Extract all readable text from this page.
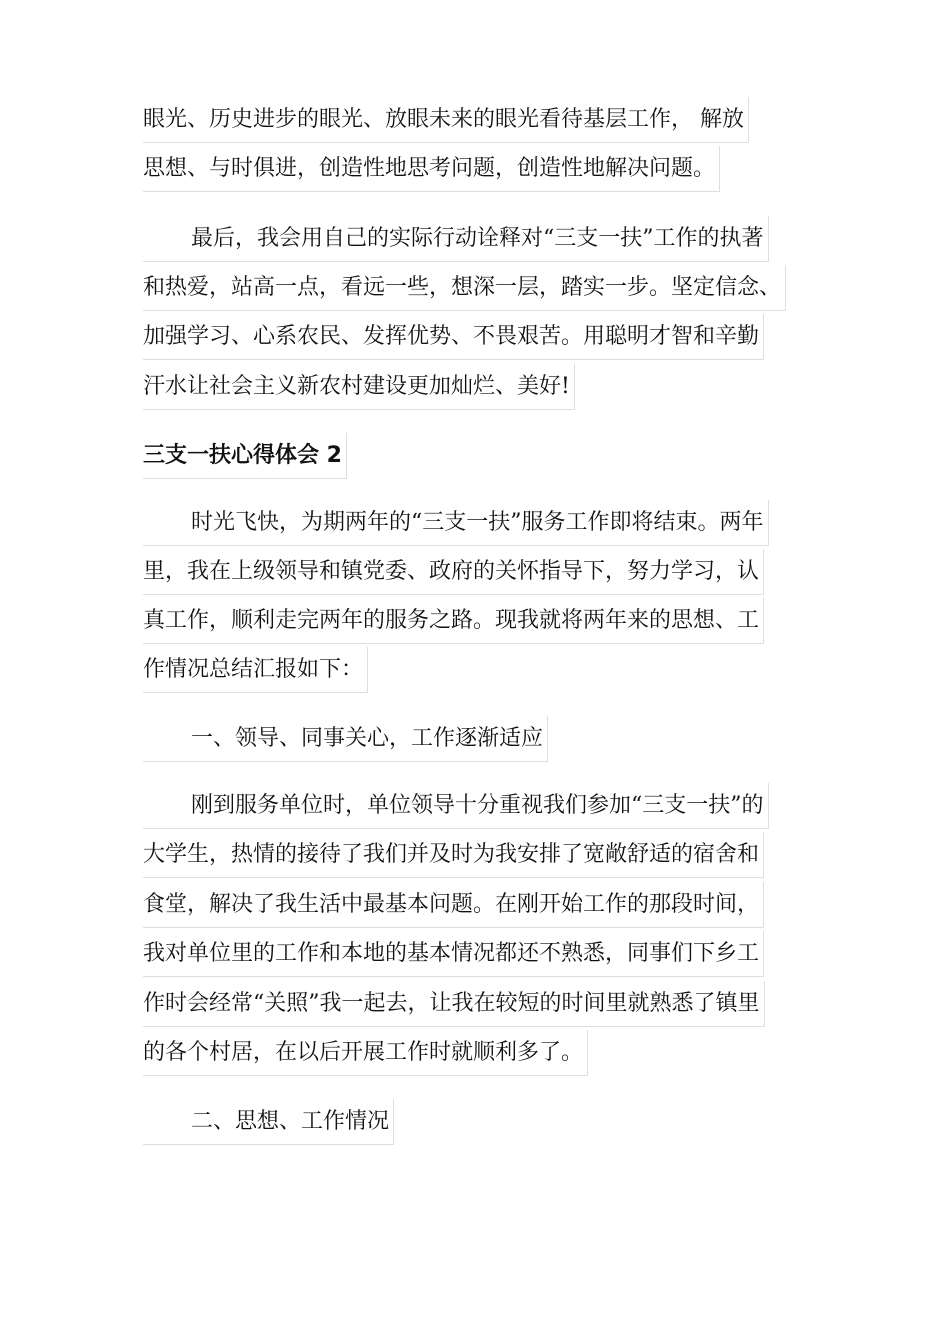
眼光、历史进步的眼光、放眼未来的眼光看待基层工作， 解放
思想、与时俱进，创造性地思考问题，创造性地解决问题。
最后，我会用自己的实际行动诠释对“三支一扶”工作的执著
和热爱，站高一点，看远一些，想深一层，踏实一步。坚定信念、
加强学习、心系农民、发挥优势、不畏艰苦。用聪明才智和辛勤
汗水让社会主义新农村建设更加灿烂、美好!
三支一扶心得体会 2
时光飞快，为期两年的“三支一扶”服务工作即将结束。两年
里，我在上级领导和镇党委、政府的关怀指导下，努力学习，认
真工作，顺利走完两年的服务之路。现我就将两年来的思想、工
作情况总结汇报如下：
一、领导、同事关心，工作逐渐适应
刚到服务单位时，单位领导十分重视我们参加“三支一扶”的
大学生，热情的接待了我们并及时为我安排了宽敞舒适的宿舍和
食堂，解决了我生活中最基本问题。在刚开始工作的那段时间，
我对单位里的工作和本地的基本情况都还不熟悉，同事们下乡工
作时会经常“关照”我一起去，让我在较短的时间里就熟悉了镇里
的各个村居，在以后开展工作时就顺利多了。
二、思想、工作情况
